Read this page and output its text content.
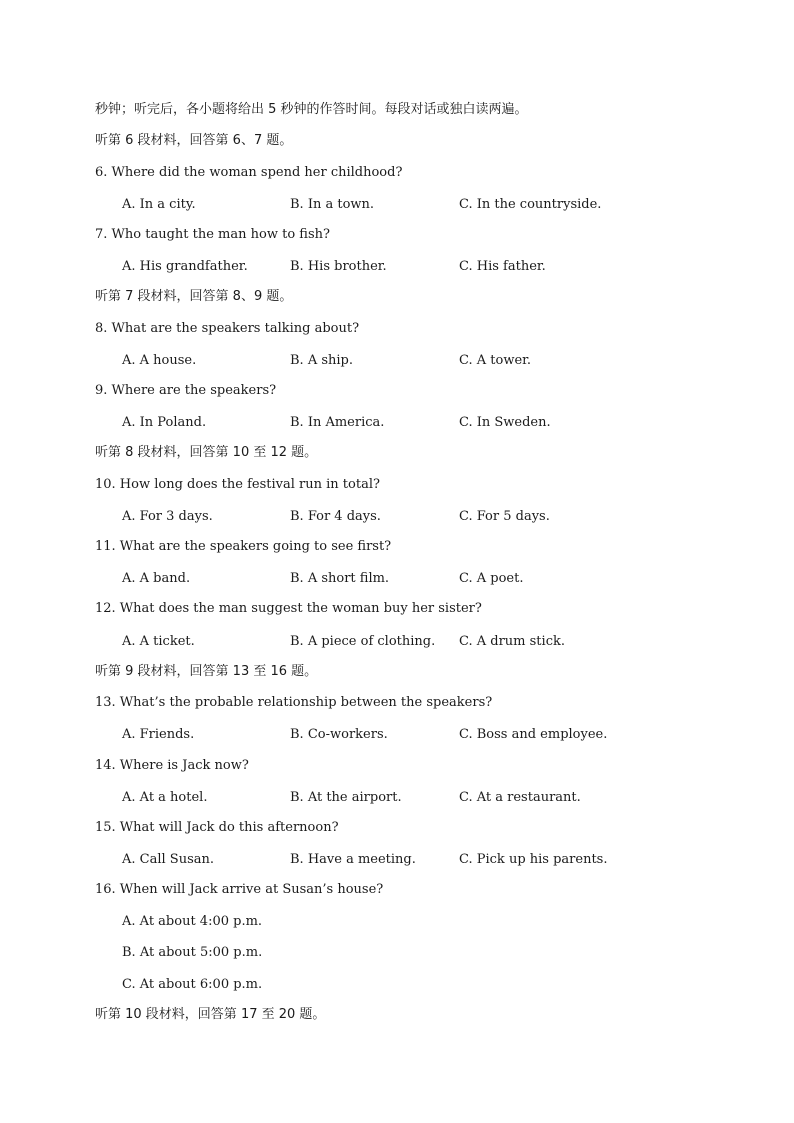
秒钟；听完后，各小题将给出 5 秒钟的作答时间。每段对话或独白读两遍。
听第 6 段材料，回答第 6、7 题。
6. Where did the woman spend her childhood?
A. In a city.	B. In a town.	C. In the countryside.
7. Who taught the man how to fish?
A. His grandfather.	B. His brother.	C. His father.
听第 7 段材料，回答第 8、9 题。
8. What are the speakers talking about?
A. A house.	B. A ship.	C. A tower.
9. Where are the speakers?
A. In Poland.	B. In America.	C. In Sweden.
听第 8 段材料，回答第 10 至 12 题。
10. How long does the festival run in total?
A. For 3 days.	B. For 4 days.	C. For 5 days.
11. What are the speakers going to see first?
A. A band.	B. A short film.	C. A poet.
12. What does the man suggest the woman buy her sister?
A. A ticket.	B. A piece of clothing. C. A drum stick.
听第 9 段材料，回答第 13 至 16 题。
13. What’s the probable relationship between the speakers?
A. Friends.	B. Co-workers.	C. Boss and employee.
14. Where is Jack now?
A. At a hotel.	B. At the airport.	C. At a restaurant.
15. What will Jack do this afternoon?
A. Call Susan.	B. Have a meeting.	C. Pick up his parents.
16. When will Jack arrive at Susan’s house?
A. At about 4:00 p.m.
B. At about 5:00 p.m.
C. At about 6:00 p.m.
听第 10 段材料，回答第 17 至 20 题。
